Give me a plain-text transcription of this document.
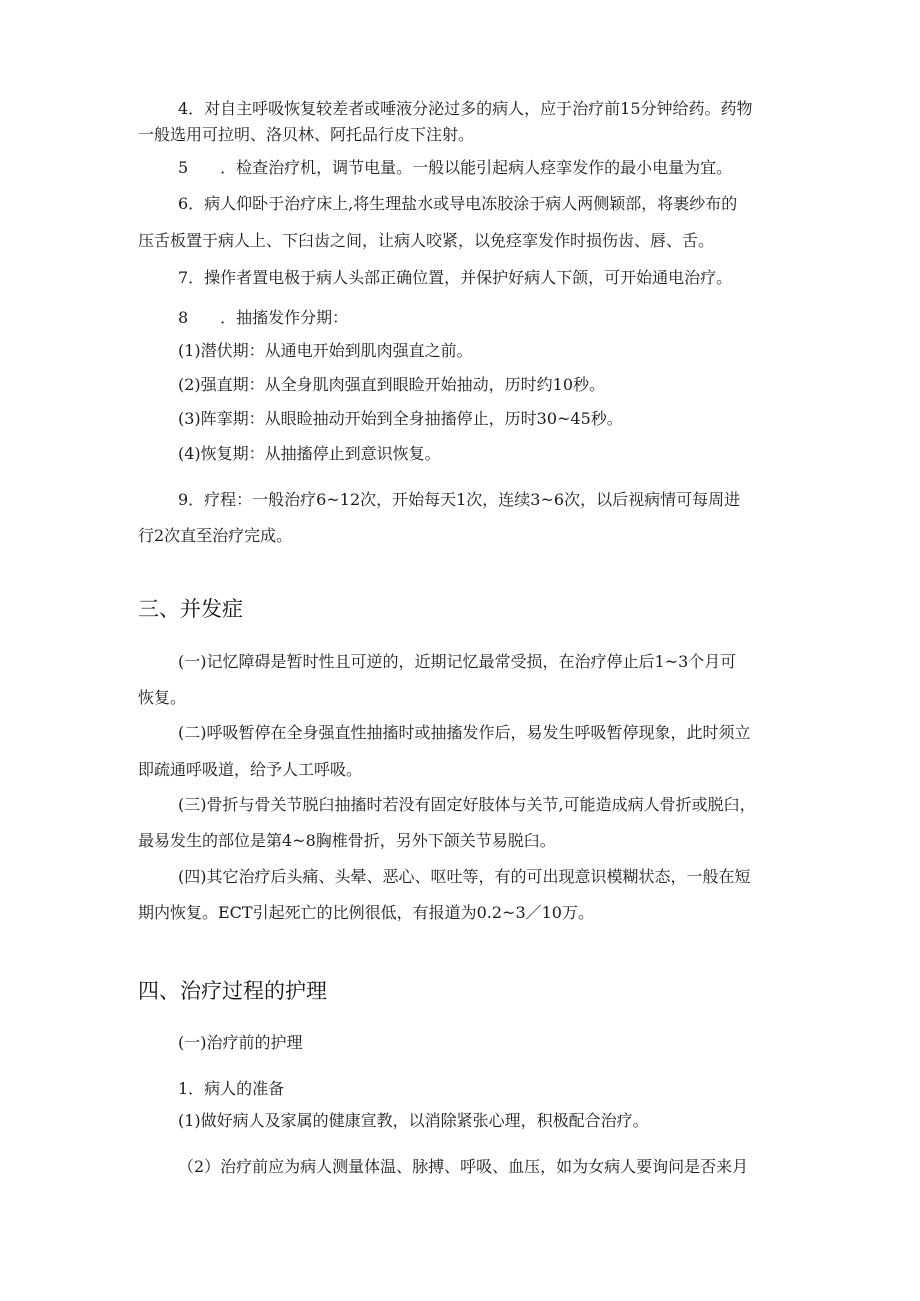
4．对自主呼吸恢复较差者或唾液分泌过多的病人，应于治疗前15分钟给药。药物
一般选用可拉明、洛贝林、阿托品行皮下注射。
5　　．检查治疗机，调节电量。一般以能引起病人痉挛发作的最小电量为宜。
6．病人仰卧于治疗床上,将生理盐水或导电冻胶涂于病人两侧颖部，将裹纱布的
压舌板置于病人上、下臼齿之间，让病人咬紧，以免痉挛发作时损伤齿、唇、舌。
7．操作者置电极于病人头部正确位置，并保护好病人下颌，可开始通电治疗。
8　　．抽搐发作分期：
(1)潜伏期：从通电开始到肌肉强直之前。
(2)强直期：从全身肌肉强直到眼睑开始抽动，历时约10秒。
(3)阵挛期：从眼睑抽动开始到全身抽搐停止，历时30~45秒。
(4)恢复期：从抽搐停止到意识恢复。
9．疗程：一般治疗6~12次，开始每天1次，连续3~6次，以后视病情可每周进
行2次直至治疗完成。
三、并发症
(一)记忆障碍是暂时性且可逆的，近期记忆最常受损，在治疗停止后1~3个月可
恢复。
(二)呼吸暂停在全身强直性抽搐时或抽搐发作后，易发生呼吸暂停现象，此时须立
即疏通呼吸道，给予人工呼吸。
(三)骨折与骨关节脱臼抽搐时若没有固定好肢体与关节,可能造成病人骨折或脱臼，
最易发生的部位是第4~8胸椎骨折，另外下颌关节易脱臼。
(四)其它治疗后头痛、头晕、恶心、呕吐等，有的可出现意识模糊状态，一般在短
期内恢复。ECT引起死亡的比例很低，有报道为0.2~3／10万。
四、治疗过程的护理
(一)治疗前的护理
1．病人的准备
(1)做好病人及家属的健康宣教，以消除紧张心理，积极配合治疗。
（2）治疗前应为病人测量体温、脉搏、呼吸、血压，如为女病人要询问是否来月
